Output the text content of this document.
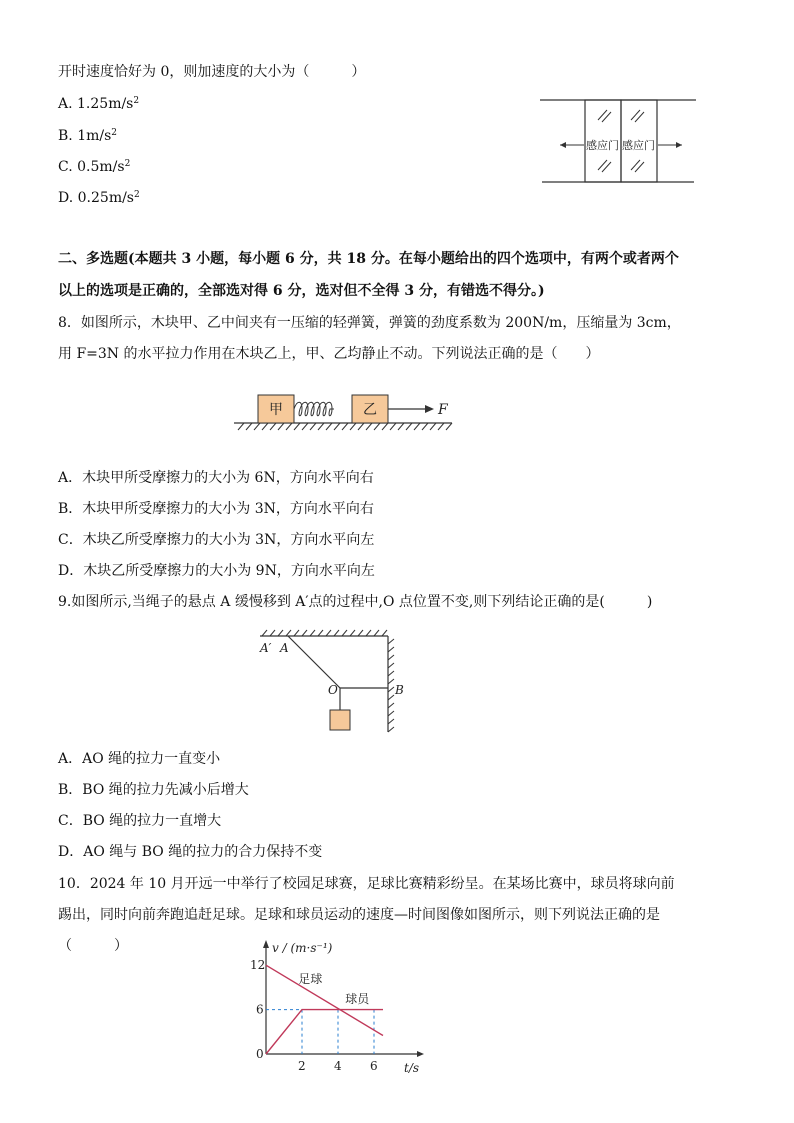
开时速度恰好为 0，则加速度的大小为（　　　）
A. $1.25m/s^2$
B. $1m/s^2$
C. $0.5m/s^2$
D. $0.25m/s^2$
感应门 感应门
二、多选题(本题共 3 小题，每小题 6 分，共 18 分。在每小题给出的四个选项中，有两个或者两个
以上的选项是正确的，全部选对得 6 分，选对但不全得 3 分，有错选不得分。)
8．如图所示，木块甲、乙中间夹有一压缩的轻弹簧，弹簧的劲度系数为 200N/m，压缩量为 3cm，
用 F=3N 的水平拉力作用在木块乙上，甲、乙均静止不动。下列说法正确的是（　　）
甲	乙	F
A．木块甲所受摩擦力的大小为 6N，方向水平向右
B．木块甲所受摩擦力的大小为 3N，方向水平向右
C．木块乙所受摩擦力的大小为 3N，方向水平向左
D．木块乙所受摩擦力的大小为 9N，方向水平向左
9.如图所示,当绳子的悬点 A 缓慢移到 A′点的过程中,O 点位置不变,则下列结论正确的是(　　　)
A′ A
O	B
A．AO 绳的拉力一直变小
B．BO 绳的拉力先减小后增大
C．BO 绳的拉力一直增大
D．AO 绳与 BO 绳的拉力的合力保持不变
10．2024 年 10 月开远一中举行了校园足球赛，足球比赛精彩纷呈。在某场比赛中，球员将球向前
踢出，同时向前奔跑追赶足球。足球和球员运动的速度—时间图像如图所示，则下列说法正确的是
（　　　）
足球
球员
2 4 6
0
6
12
v / (m·s⁻¹)
t/s
